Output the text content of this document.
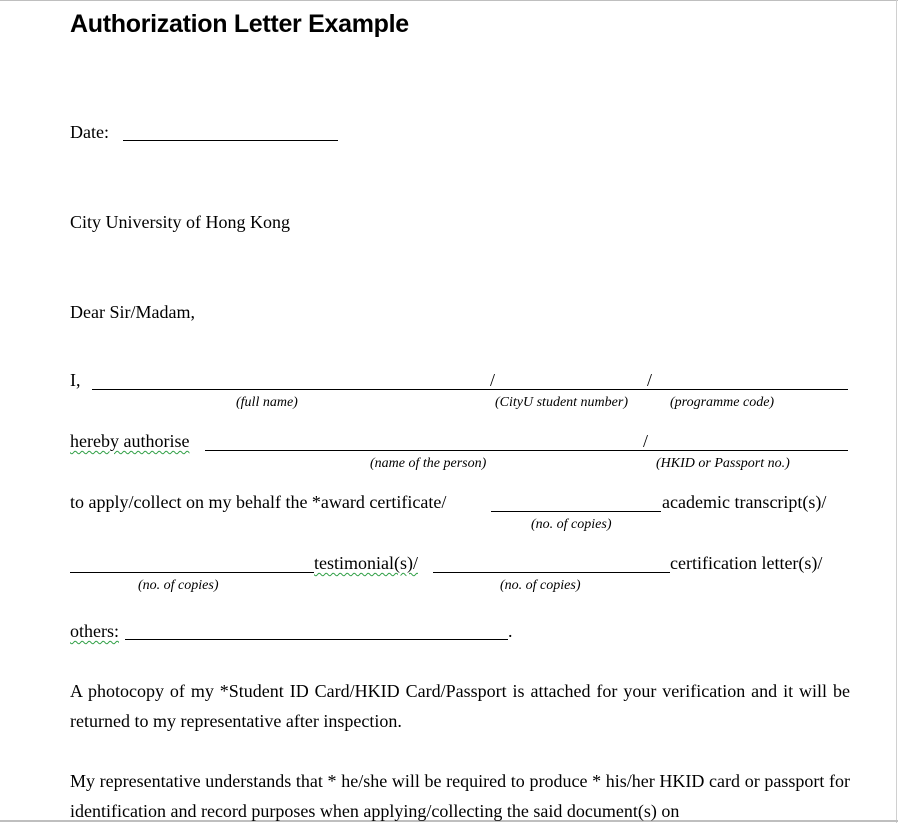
Authorization Letter Example
Date:
City University of Hong Kong
Dear Sir/Madam,
I,	/	/
(full name)	(CityU student number)	(programme code)
hereby authorise	/
(name of the person)	(HKID or Passport no.)
to apply/collect on my behalf the *award certificate/	academic transcript(s)/
(no. of copies)
testimonial(s)/	certification letter(s)/
(no. of copies)	(no. of copies)
others:	.

A photocopy of my *Student ID Card/HKID Card/Passport is attached for your verification and it will be returned to my representative after inspection.

My representative understands that * he/she will be required to produce * his/her HKID card or passport for identification and record purposes when applying/collecting the said document(s) on
